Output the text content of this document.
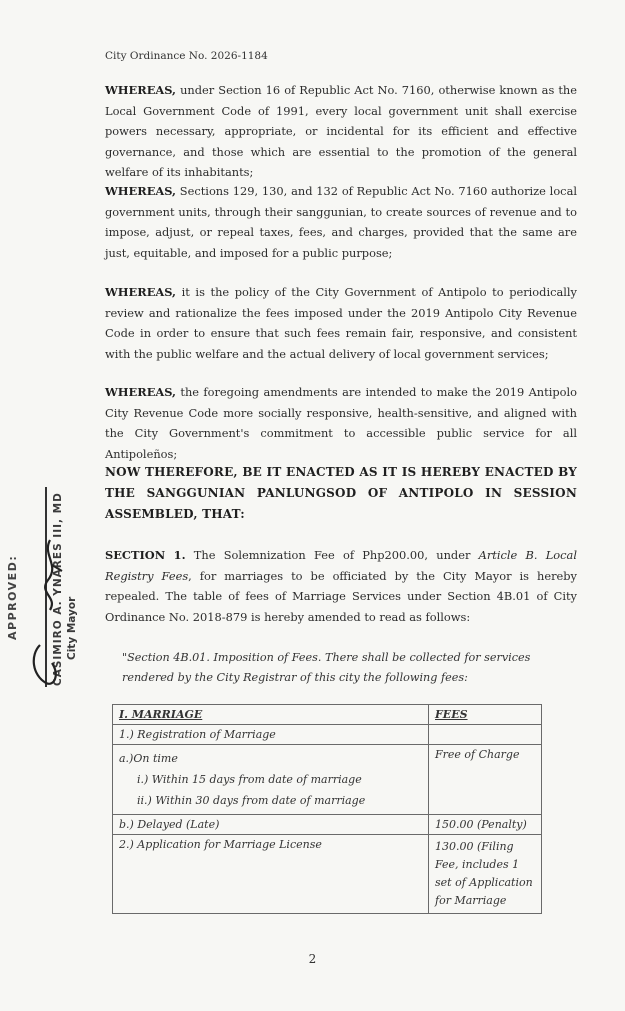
City Ordinance No. 2026-1184
WHEREAS, under Section 16 of Republic Act No. 7160, otherwise known as the Local Government Code of 1991, every local government unit shall exercise powers necessary, appropriate, or incidental for its efficient and effective governance, and those which are essential to the promotion of the general welfare of its inhabitants;
WHEREAS, Sections 129, 130, and 132 of Republic Act No. 7160 authorize local government units, through their sanggunian, to create sources of revenue and to impose, adjust, or repeal taxes, fees, and charges, provided that the same are just, equitable, and imposed for a public purpose;
WHEREAS, it is the policy of the City Government of Antipolo to periodically review and rationalize the fees imposed under the 2019 Antipolo City Revenue Code in order to ensure that such fees remain fair, responsive, and consistent with the public welfare and the actual delivery of local government services;
WHEREAS, the foregoing amendments are intended to make the 2019 Antipolo City Revenue Code more socially responsive, health-sensitive, and aligned with the City Government's commitment to accessible public service for all Antipoleños;
NOW THEREFORE, BE IT ENACTED AS IT IS HEREBY ENACTED BY THE SANGGUNIAN PANLUNGSOD OF ANTIPOLO IN SESSION ASSEMBLED, THAT:
SECTION 1. The Solemnization Fee of Php200.00, under Article B. Local Registry Fees, for marriages to be officiated by the City Mayor is hereby repealed. The table of fees of Marriage Services under Section 4B.01 of City Ordinance No. 2018-879 is hereby amended to read as follows:
"Section 4B.01. Imposition of Fees. There shall be collected for services rendered by the City Registrar of this city the following fees:
I. MARRIAGE	FEES
1.) Registration of Marriage	

a.)On time
i.) Within 15 days from date of marriage
ii.) Within 30 days from date of marriage	Free of Charge
b.) Delayed (Late)	150.00 (Penalty)
2.) Application for Marriage License	130.00 (Filing Fee, includes 1 set of Application for Marriage
2
APPROVED:	CASIMIRO A. YNARES III, MD City Mayor
